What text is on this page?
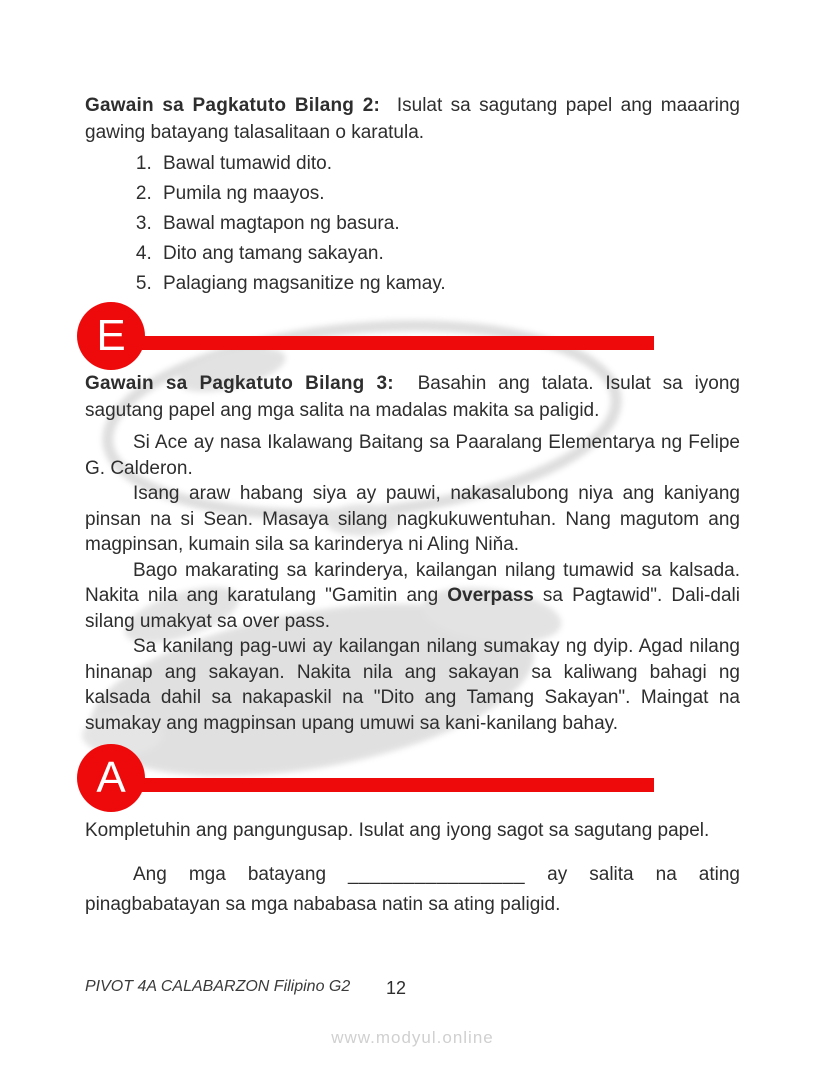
Gawain sa Pagkatuto Bilang 2: Isulat sa sagutang papel ang maaaring gawing batayang talasalitaan o karatula.

1. Bawal tumawid dito.
2. Pumila ng maayos.
3. Bawal magtapon ng basura.
4. Dito ang tamang sakayan.
5. Palagiang magsanitize ng kamay.
E

Gawain sa Pagkatuto Bilang 3: Basahin ang talata. Isulat sa iyong sagutang papel ang mga salita na madalas makita sa paligid.

Si Ace ay nasa Ikalawang Baitang sa Paaralang Elementarya ng Felipe G. Calderon.

Isang araw habang siya ay pauwi, nakasalubong niya ang kaniyang pinsan na si Sean. Masaya silang nagkukuwentuhan. Nang magutom ang magpinsan, kumain sila sa karinderya ni Aling Niňa.

Bago makarating sa karinderya, kailangan nilang tumawid sa kalsada. Nakita nila ang karatulang "Gamitin ang Overpass sa Pagtawid". Dali-dali silang umakyat sa over pass.

Sa kanilang pag-uwi ay kailangan nilang sumakay ng dyip. Agad nilang hinanap ang sakayan. Nakita nila ang sakayan sa kaliwang bahagi ng kalsada dahil sa nakapaskil na "Dito ang Tamang Sakayan". Maingat na sumakay ang magpinsan upang umuwi sa kani-kanilang bahay.

A

Kompletuhin ang pangungusap. Isulat ang iyong sagot sa sagutang papel.

Ang mga batayang ________________ ay salita na ating pinagbabatayan sa mga nababasa natin sa ating paligid.

PIVOT 4A CALABARZON Filipino G2 12
www.modyul.online
